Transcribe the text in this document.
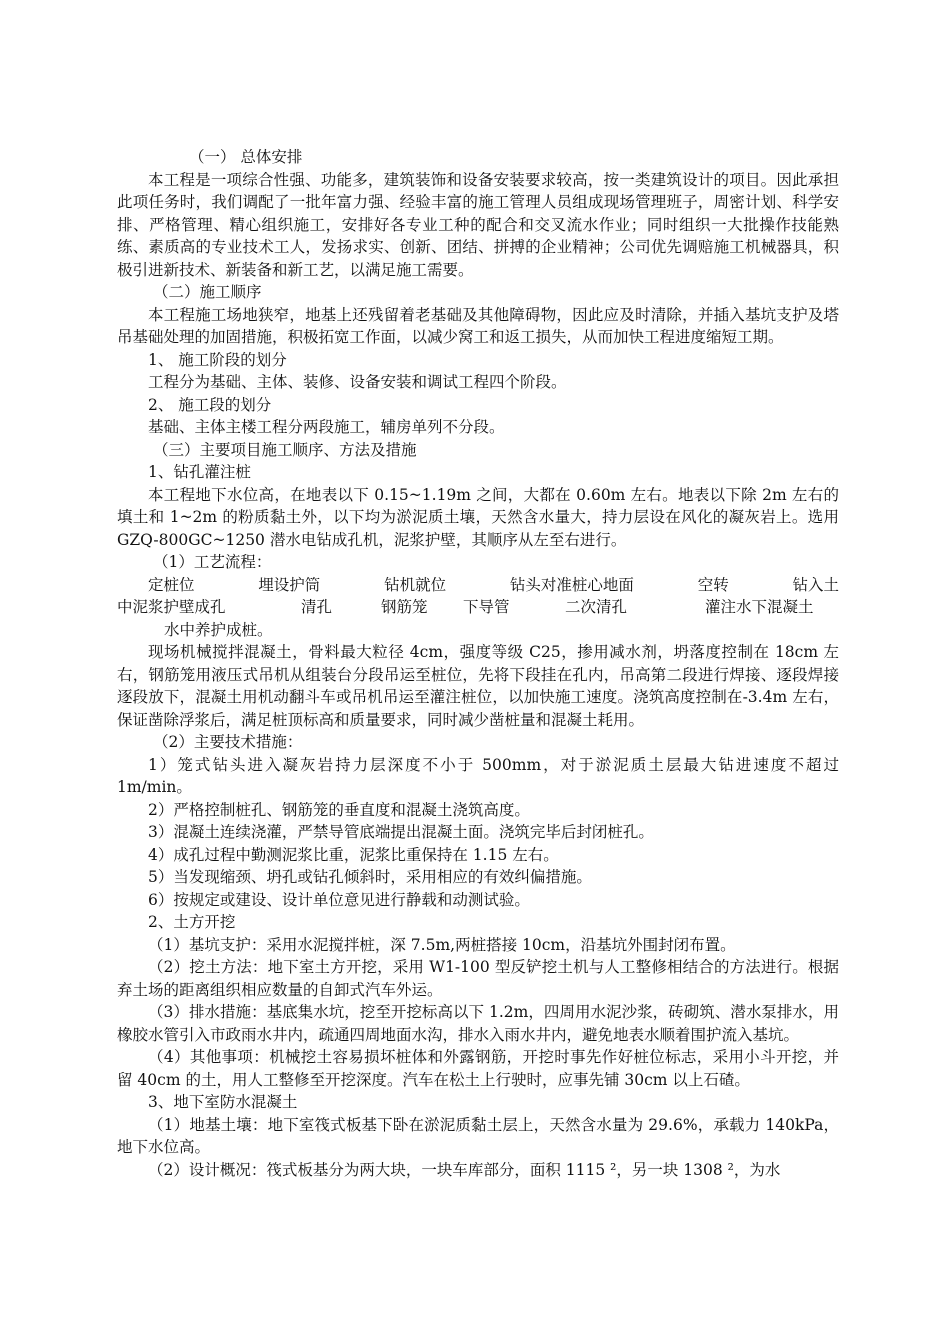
（一） 总体安排

本工程是一项综合性强、功能多，建筑装饰和设备安装要求较高，按一类建筑设计的项目。因此承担此项任务时，我们调配了一批年富力强、经验丰富的施工管理人员组成现场管理班子，周密计划、科学安排、严格管理、精心组织施工，安排好各专业工种的配合和交叉流水作业；同时组织一大批操作技能熟练、素质高的专业技术工人，发扬求实、创新、团结、拼搏的企业精神；公司优先调赔施工机械器具，积极引进新技术、新装备和新工艺，以满足施工需要。

（二）施工顺序

本工程施工场地狭窄，地基上还残留着老基础及其他障碍物，因此应及时清除，并插入基坑支护及塔吊基础处理的加固措施，积极拓宽工作面，以减少窝工和返工损失，从而加快工程进度缩短工期。

1、 施工阶段的划分

工程分为基础、主体、装修、设备安装和调试工程四个阶段。

2、 施工段的划分

基础、主体主楼工程分两段施工，辅房单列不分段。

（三）主要项目施工顺序、方法及措施

1、钻孔灌注桩

本工程地下水位高，在地表以下 0.15~1.19m 之间，大都在 0.60m 左右。地表以下除 2m 左右的填土和 1~2m 的粉质黏土外，以下均为淤泥质土壤，天然含水量大，持力层设在风化的凝灰岩上。选用 GZQ-800GC~1250 潜水电钻成孔机，泥浆护壁，其顺序从左至右进行。

（1）工艺流程：

定桩位	埋设护筒	钻机就位	钻头对准桩心地面	空转	钻入土
中泥浆护壁成孔	清孔	钢筋笼	下导管	二次清孔	灌注水下混凝土

水中养护成桩。

现场机械搅拌混凝土，骨料最大粒径 4cm，强度等级 C25，掺用减水剂，坍落度控制在 18cm 左右，钢筋笼用液压式吊机从组装台分段吊运至桩位，先将下段挂在孔内，吊高第二段进行焊接、逐段焊接逐段放下，混凝土用机动翻斗车或吊机吊运至灌注桩位，以加快施工速度。浇筑高度控制在-3.4m 左右，保证凿除浮浆后，满足桩顶标高和质量要求，同时减少凿桩量和混凝土耗用。

（2）主要技术措施：

1）笼式钻头进入凝灰岩持力层深度不小于 500mm，对于淤泥质土层最大钻进速度不超过 1m/min。

2）严格控制桩孔、钢筋笼的垂直度和混凝土浇筑高度。

3）混凝土连续浇灌，严禁导管底端提出混凝土面。浇筑完毕后封闭桩孔。

4）成孔过程中勤测泥浆比重，泥浆比重保持在 1.15 左右。

5）当发现缩颈、坍孔或钻孔倾斜时，采用相应的有效纠偏措施。

6）按规定或建设、设计单位意见进行静载和动测试验。

2、土方开挖

（1）基坑支护：采用水泥搅拌桩，深 7.5m,两桩搭接 10cm，沿基坑外围封闭布置。

（2）挖土方法：地下室土方开挖，采用 W1-100 型反铲挖土机与人工整修相结合的方法进行。根据弃土场的距离组织相应数量的自卸式汽车外运。

（3）排水措施：基底集水坑，挖至开挖标高以下 1.2m，四周用水泥沙浆，砖砌筑、潜水泵排水，用橡胶水管引入市政雨水井内，疏通四周地面水沟，排水入雨水井内，避免地表水顺着围护流入基坑。

（4）其他事项：机械挖土容易损坏桩体和外露钢筋，开挖时事先作好桩位标志，采用小斗开挖，并留 40cm 的土，用人工整修至开挖深度。汽车在松土上行驶时，应事先铺 30cm 以上石碴。

3、地下室防水混凝土

（1）地基土壤：地下室筏式板基下卧在淤泥质黏土层上，天然含水量为 29.6%，承载力 140kPa，地下水位高。

（2）设计概况：筏式板基分为两大块，一块车库部分，面积 1115 ²，另一块 1308 ²，为水
